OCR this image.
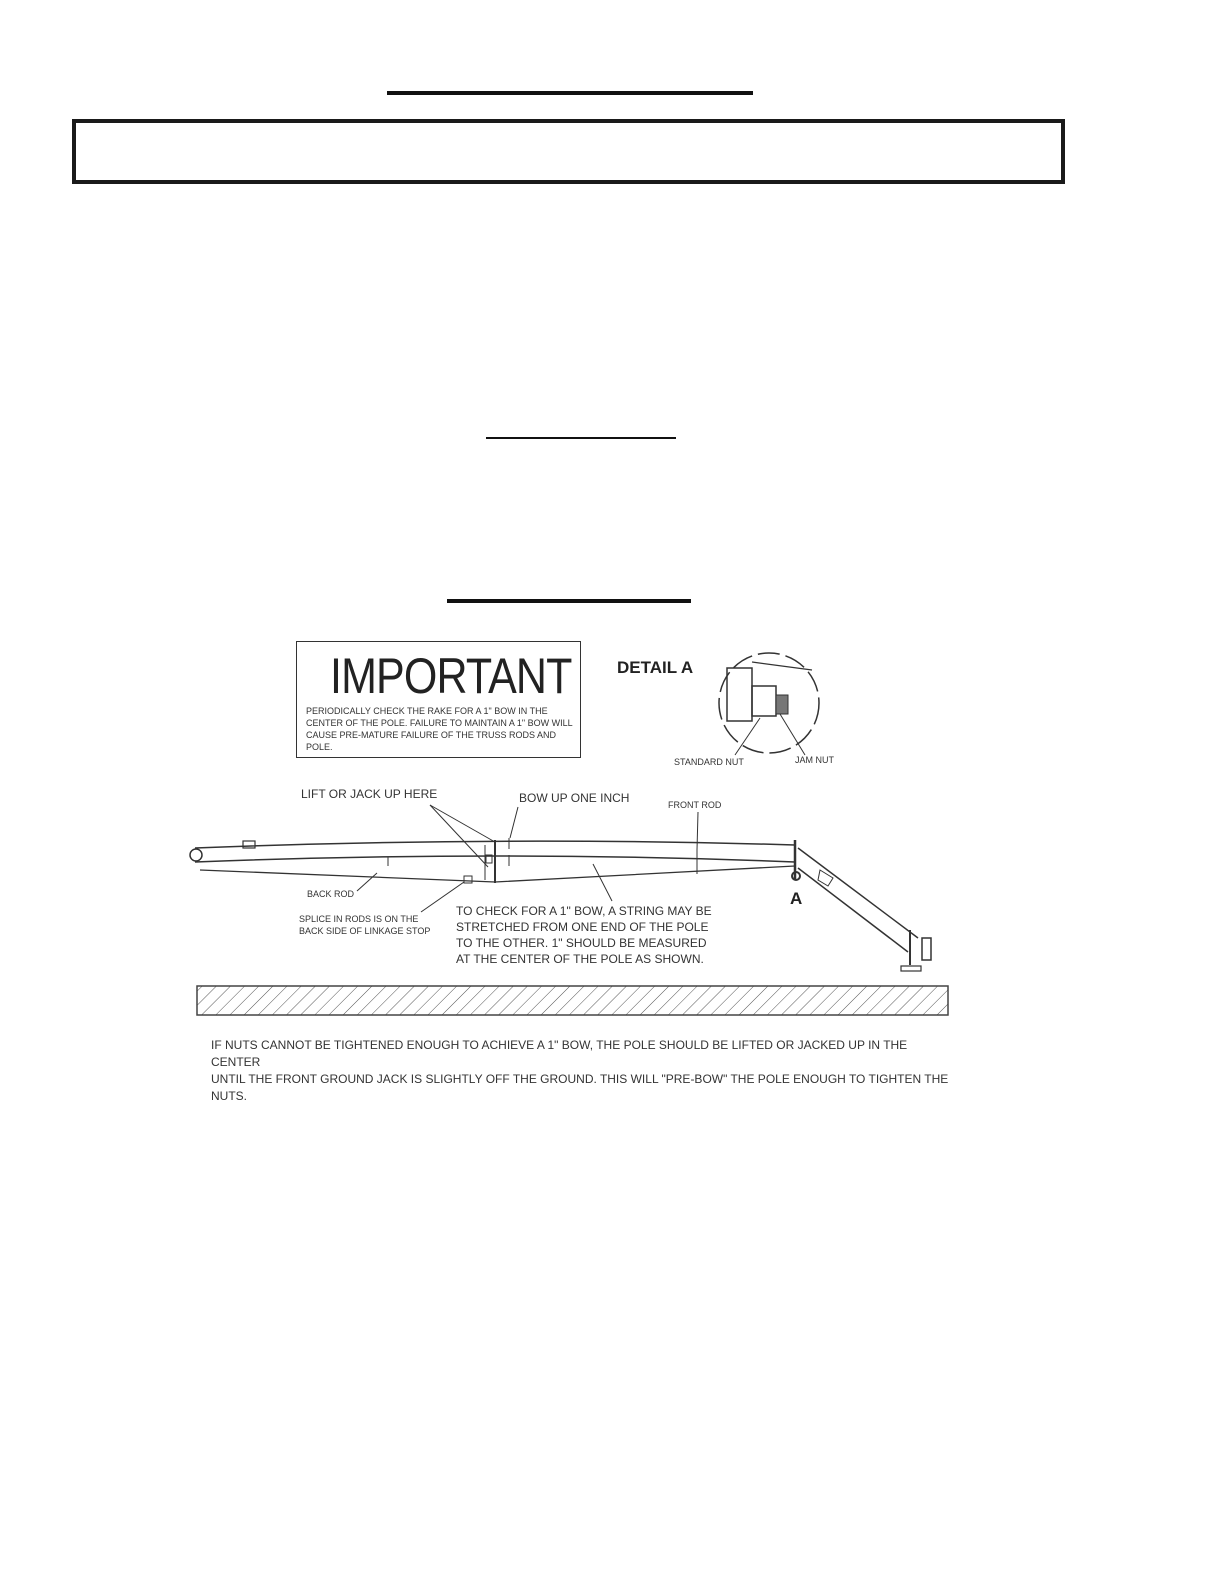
IMPORTANT
PERIODICALLY CHECK THE RAKE FOR A 1" BOW IN THE CENTER OF THE POLE. FAILURE TO MAINTAIN A 1" BOW WILL CAUSE PRE-MATURE FAILURE OF THE TRUSS RODS AND POLE.
DETAIL A
STANDARD NUT	JAM NUT
A
LIFT OR JACK UP HERE	BOW UP ONE INCH	FRONT ROD
BACK ROD
SPLICE IN RODS IS ON THE
BACK SIDE OF LINKAGE STOP
TO CHECK FOR A 1" BOW, A STRING MAY BE
STRETCHED FROM ONE END OF THE POLE
TO THE OTHER. 1" SHOULD BE MEASURED
AT THE CENTER OF THE POLE AS SHOWN.
IF NUTS CANNOT BE TIGHTENED ENOUGH TO ACHIEVE A 1" BOW, THE POLE SHOULD BE LIFTED OR JACKED UP IN THE CENTER
UNTIL THE FRONT GROUND JACK IS SLIGHTLY OFF THE GROUND. THIS WILL "PRE-BOW" THE POLE ENOUGH TO TIGHTEN THE NUTS.
